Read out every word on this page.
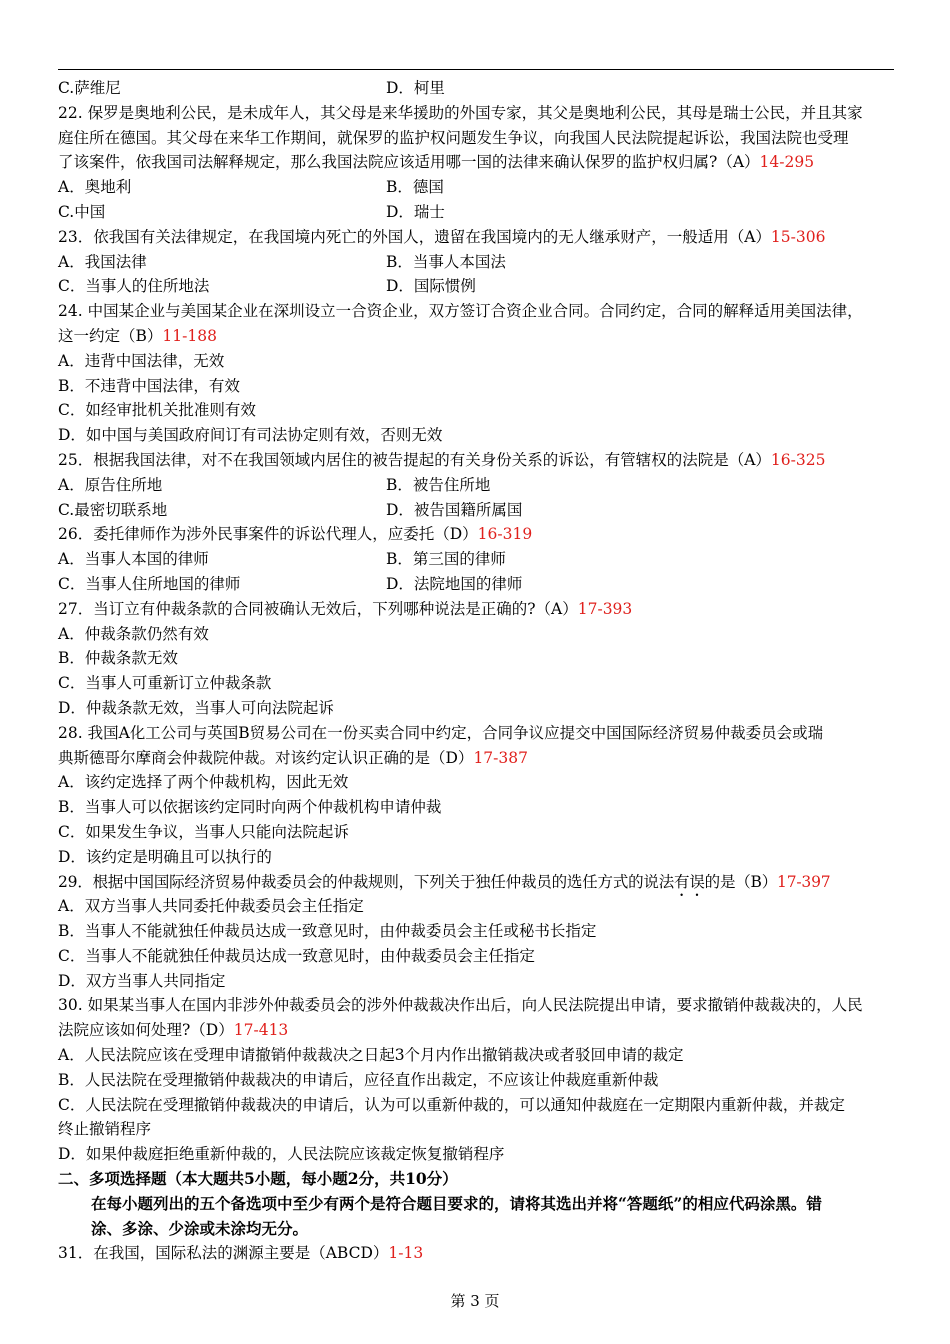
C.萨维尼	D．柯里
22. 保罗是奥地利公民，是未成年人，其父母是来华援助的外国专家，其父是奥地利公民，其母是瑞士公民，并且其家
庭住所在德国。其父母在来华工作期间，就保罗的监护权问题发生争议，向我国人民法院提起诉讼，我国法院也受理
了该案件，依我国司法解释规定，那么我国法院应该适用哪一国的法律来确认保罗的监护权归属?（A）14-295
A．奥地利	B．德国
C.中国	D．瑞士
23．依我国有关法律规定，在我国境内死亡的外国人，遗留在我国境内的无人继承财产，一般适用（A）15-306
A．我国法律	B．当事人本国法
C．当事人的住所地法	D．国际惯例
24. 中国某企业与美国某企业在深圳设立一合资企业，双方签订合资企业合同。合同约定，合同的解释适用美国法律，
这一约定（B）11-188
A．违背中国法律，无效
B．不违背中国法律，有效
C．如经审批机关批准则有效
D．如中国与美国政府间订有司法协定则有效，否则无效
25．根据我国法律，对不在我国领域内居住的被告提起的有关身份关系的诉讼，有管辖权的法院是（A）16-325
A．原告住所地	B．被告住所地
C.最密切联系地	D．被告国籍所属国
26．委托律师作为涉外民事案件的诉讼代理人，应委托（D）16-319
A．当事人本国的律师	B．第三国的律师
C．当事人住所地国的律师	D．法院地国的律师
27．当订立有仲裁条款的合同被确认无效后，下列哪种说法是正确的?（A）17-393
A．仲裁条款仍然有效
B．仲裁条款无效
C．当事人可重新订立仲裁条款
D．仲裁条款无效，当事人可向法院起诉
28. 我国A化工公司与英国B贸易公司在一份买卖合同中约定，合同争议应提交中国国际经济贸易仲裁委员会或瑞
典斯德哥尔摩商会仲裁院仲裁。对该约定认识正确的是（D）17-387
A．该约定选择了两个仲裁机构，因此无效
B．当事人可以依据该约定同时向两个仲裁机构申请仲裁
C．如果发生争议，当事人只能向法院起诉
D．该约定是明确且可以执行的
29．根据中国国际经济贸易仲裁委员会的仲裁规则，下列关于独任仲裁员的选任方式的说法有误的是（B）17-397
A．双方当事人共同委托仲裁委员会主任指定
B．当事人不能就独任仲裁员达成一致意见时，由仲裁委员会主任或秘书长指定
C．当事人不能就独任仲裁员达成一致意见时，由仲裁委员会主任指定
D．双方当事人共同指定
30. 如果某当事人在国内非涉外仲裁委员会的涉外仲裁裁决作出后，向人民法院提出申请，要求撤销仲裁裁决的，人民
法院应该如何处理?（D）17-413
A．人民法院应该在受理申请撤销仲裁裁决之日起3个月内作出撤销裁决或者驳回申请的裁定
B．人民法院在受理撤销仲裁裁决的申请后，应径直作出裁定，不应该让仲裁庭重新仲裁
C．人民法院在受理撤销仲裁裁决的申请后，认为可以重新仲裁的，可以通知仲裁庭在一定期限内重新仲裁，并裁定
终止撤销程序
D．如果仲裁庭拒绝重新仲裁的，人民法院应该裁定恢复撤销程序
二、多项选择题（本大题共5小题，每小题2分，共10分）
在每小题列出的五个备选项中至少有两个是符合题目要求的，请将其选出并将“答题纸”的相应代码涂黑。错
涂、多涂、少涂或未涂均无分。
31．在我国，国际私法的渊源主要是（ABCD）1-13
第 3 页
